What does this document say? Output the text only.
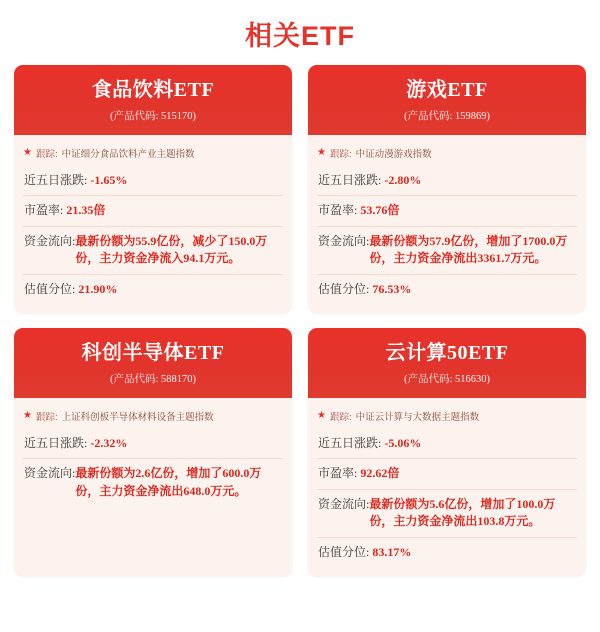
相关ETF
食品饮料ETF
(产品代码: 515170)
★ 跟踪: 中证细分食品饮料产业主题指数
近五日涨跌: -1.65%
市盈率: 21.35倍
资金流向: 最新份额为55.9亿份，减少了150.0万份，主力资金净流入94.1万元。
估值分位: 21.90%
游戏ETF
(产品代码: 159869)
★ 跟踪: 中证动漫游戏指数
近五日涨跌: -2.80%
市盈率: 53.76倍
资金流向: 最新份额为57.9亿份，增加了1700.0万份，主力资金净流出3361.7万元。
估值分位: 76.53%
科创半导体ETF
(产品代码: 588170)
★ 跟踪: 上证科创板半导体材料设备主题指数
近五日涨跌: -2.32%
资金流向: 最新份额为2.6亿份，增加了600.0万份，主力资金净流出648.0万元。
云计算50ETF
(产品代码: 516630)
★ 跟踪: 中证云计算与大数据主题指数
近五日涨跌: -5.06%
市盈率: 92.62倍
资金流向: 最新份额为5.6亿份，增加了100.0万份，主力资金净流出103.8万元。
估值分位: 83.17%
